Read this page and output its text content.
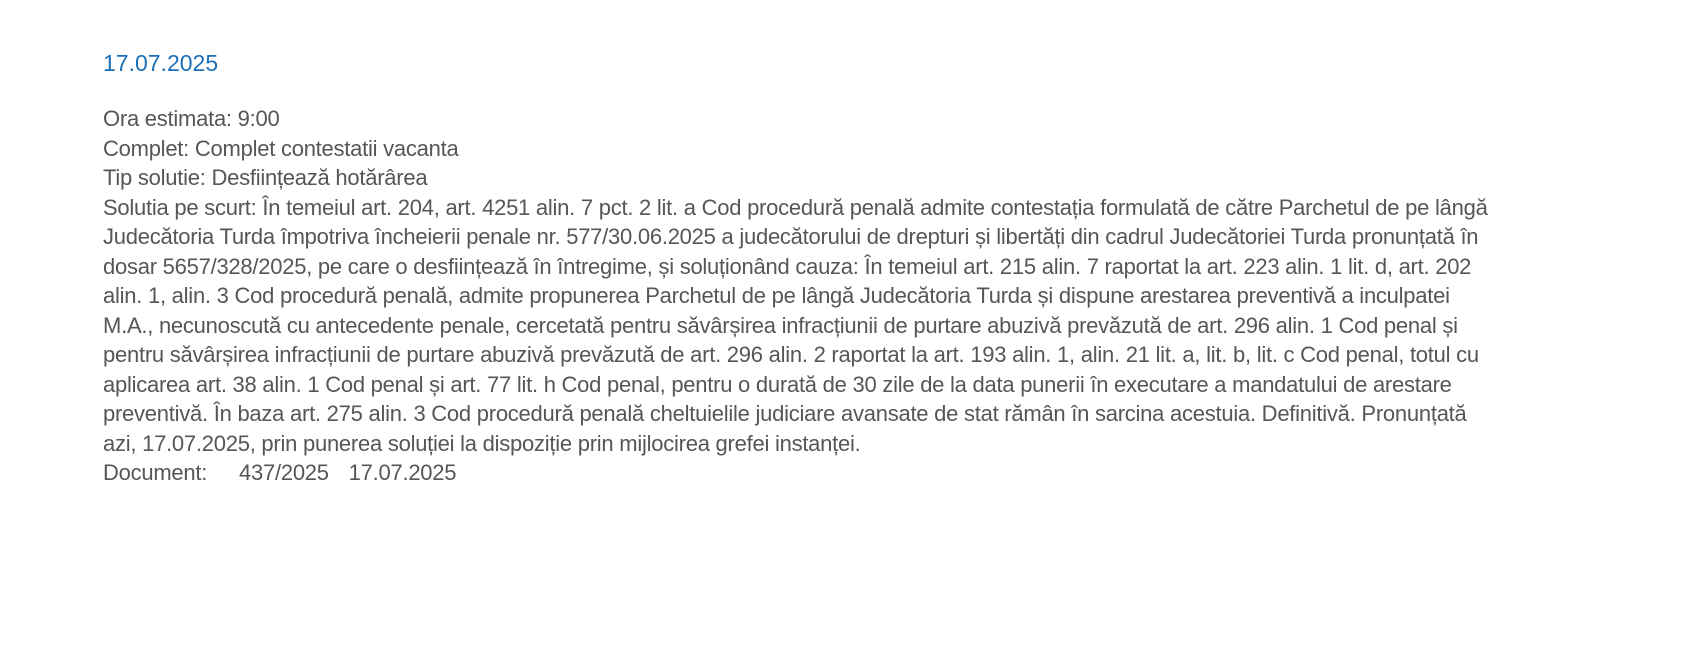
17.07.2025

Ora estimata: 9:00

Complet: Complet contestatii vacanta

Tip solutie: Desființează hotărârea

Solutia pe scurt: În temeiul art. 204, art. 4251 alin. 7 pct. 2 lit. a Cod procedură penală admite contestația formulată de către Parchetul de pe lângă Judecătoria Turda împotriva încheierii penale nr. 577/30.06.2025 a judecătorului de drepturi și libertăți din cadrul Judecătoriei Turda pronunțată în dosar 5657/328/2025, pe care o desființează în întregime, și soluționând cauza: În temeiul art. 215 alin. 7 raportat la art. 223 alin. 1 lit. d, art. 202 alin. 1, alin. 3 Cod procedură penală, admite propunerea Parchetul de pe lângă Judecătoria Turda și dispune arestarea preventivă a inculpatei M.A., necunoscută cu antecedente penale, cercetată pentru săvârșirea infracțiunii de purtare abuzivă prevăzută de art. 296 alin. 1 Cod penal și pentru săvârșirea infracțiunii de purtare abuzivă prevăzută de art. 296 alin. 2 raportat la art. 193 alin. 1, alin. 21 lit. a, lit. b, lit. c Cod penal, totul cu aplicarea art. 38 alin. 1 Cod penal și art. 77 lit. h Cod penal, pentru o durată de 30 zile de la data punerii în executare a mandatului de arestare preventivă. În baza art. 275 alin. 3 Cod procedură penală cheltuielile judiciare avansate de stat rămân în sarcina acestuia. Definitivă. Pronunțată azi, 17.07.2025, prin punerea soluției la dispoziție prin mijlocirea grefei instanței.

Document: 437/2025 17.07.2025
